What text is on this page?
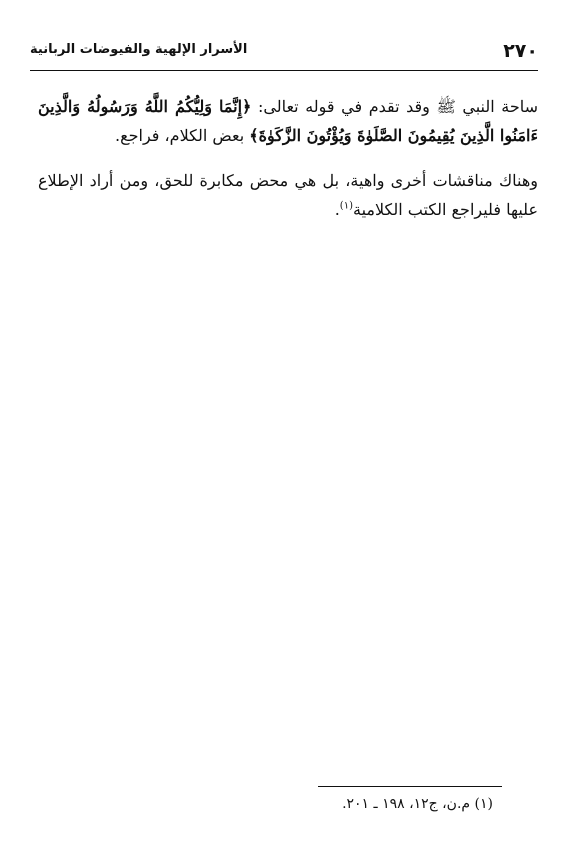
٢٧٠
الأسرار الإلهية والفيوضات الربانية

ساحة النبي ﷺ وقد تقدم في قوله تعالى: ﴿إِنَّمَا وَلِيُّكُمُ اللَّهُ وَرَسُولُهُ وَالَّذِينَ ءَامَنُوا الَّذِينَ يُقِيمُونَ الصَّلَوٰةَ وَيُؤْتُونَ الزَّكَوٰةَ﴾ بعض الكلام، فراجع.

وهناك مناقشات أخرى واهية، بل هي محض مكابرة للحق، ومن أراد الإطلاع عليها فليراجع الكتب الكلامية$^{(١)}$.

(١) م.ن، ج١٢، ١٩٨ ـ ٢٠١.
